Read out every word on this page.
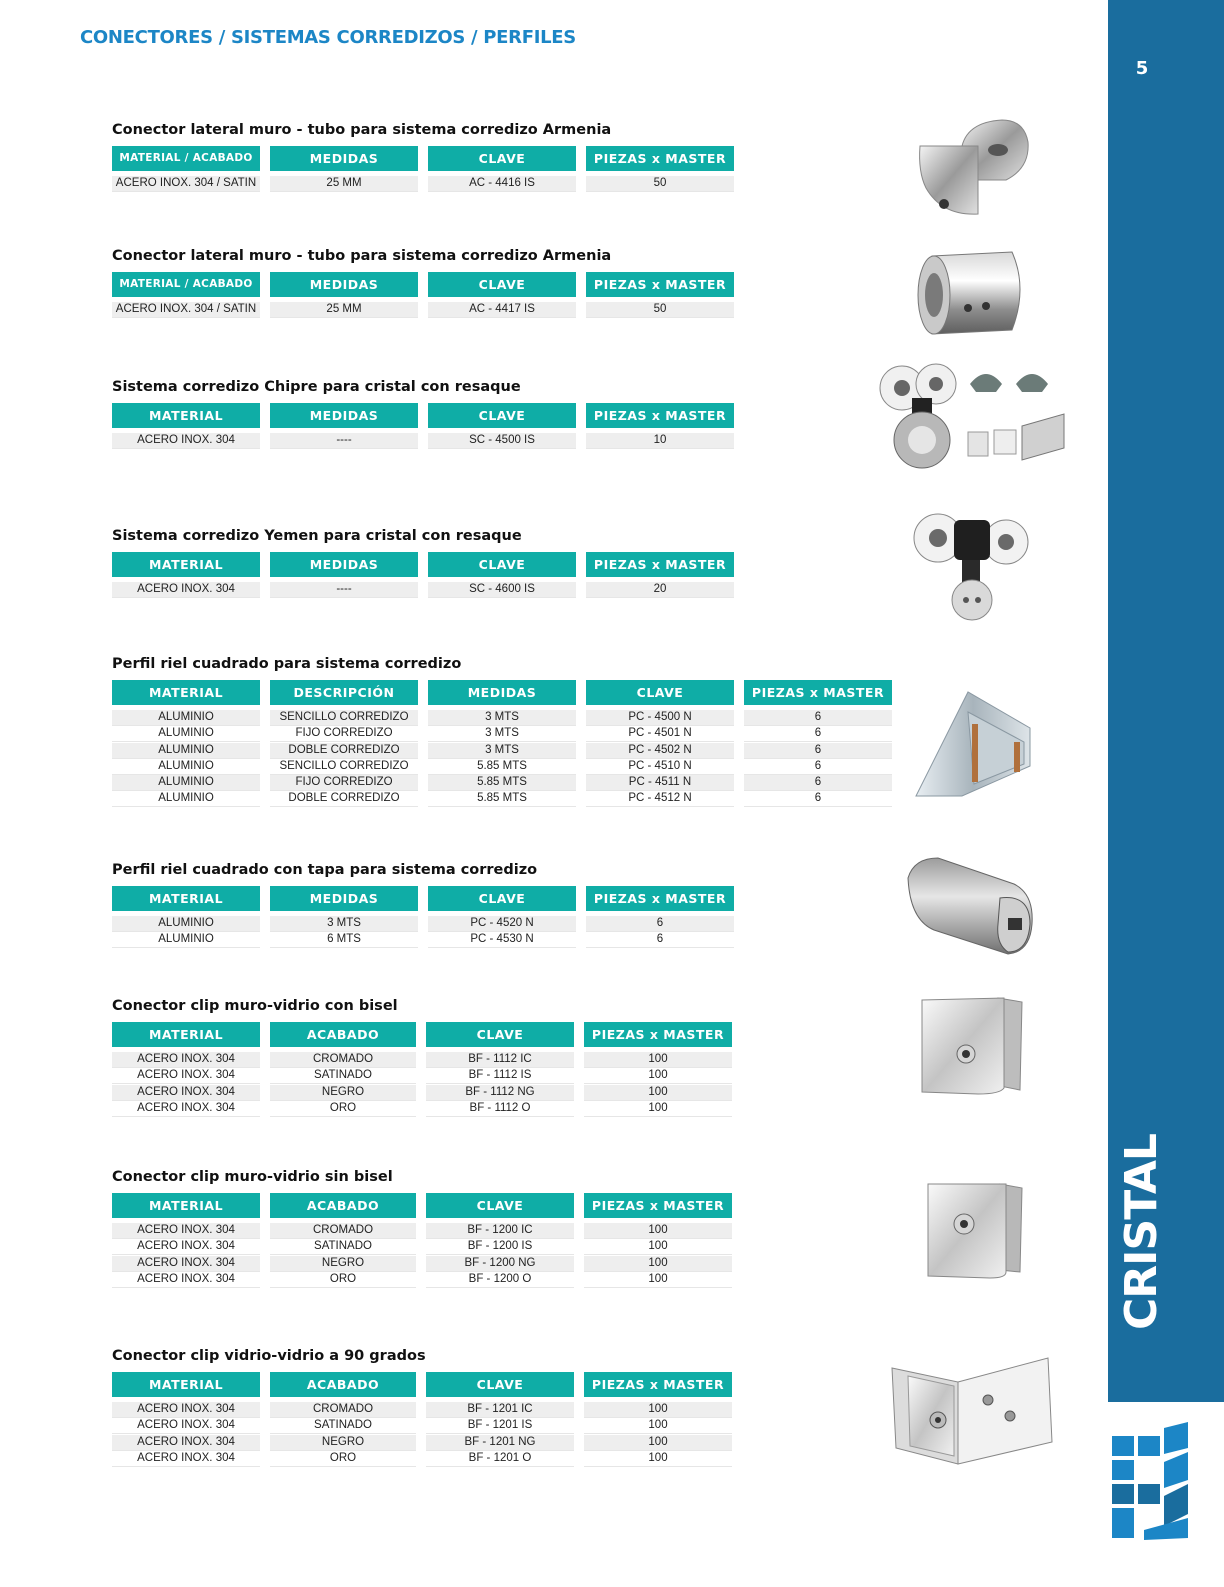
CONECTORES / SISTEMAS CORREDIZOS / PERFILES
5
CRISTAL
Conector lateral muro - tubo para sistema corredizo Armenia
MATERIAL / ACABADO	MEDIDAS	CLAVE	PIEZAS x MASTER
ACERO INOX. 304 / SATIN	25 MM	AC - 4416 IS	50
Conector lateral muro - tubo para sistema corredizo Armenia
MATERIAL / ACABADO	MEDIDAS	CLAVE	PIEZAS x MASTER
ACERO INOX. 304 / SATIN	25 MM	AC - 4417 IS	50
Sistema corredizo Chipre para cristal con resaque
MATERIAL	MEDIDAS	CLAVE	PIEZAS x MASTER
ACERO INOX. 304	----	SC - 4500 IS	10
Sistema corredizo Yemen para cristal con resaque
MATERIAL	MEDIDAS	CLAVE	PIEZAS x MASTER
ACERO INOX. 304	----	SC - 4600 IS	20
Perfil riel cuadrado para sistema corredizo
MATERIAL	DESCRIPCIÓN	MEDIDAS	CLAVE	PIEZAS x MASTER
ALUMINIO	SENCILLO CORREDIZO	3 MTS	PC - 4500 N	6
ALUMINIO	FIJO CORREDIZO	3 MTS	PC - 4501 N	6
ALUMINIO	DOBLE CORREDIZO	3 MTS	PC - 4502 N	6
ALUMINIO	SENCILLO CORREDIZO	5.85 MTS	PC - 4510 N	6
ALUMINIO	FIJO CORREDIZO	5.85 MTS	PC - 4511 N	6
ALUMINIO	DOBLE CORREDIZO	5.85 MTS	PC - 4512 N	6
Perfil riel cuadrado con tapa para sistema corredizo
MATERIAL	MEDIDAS	CLAVE	PIEZAS x MASTER
ALUMINIO	3 MTS	PC - 4520 N	6
ALUMINIO	6 MTS	PC - 4530 N	6
Conector clip muro-vidrio con bisel
MATERIAL	ACABADO	CLAVE	PIEZAS x MASTER
ACERO INOX. 304	CROMADO	BF - 1112 IC	100
ACERO INOX. 304	SATINADO	BF - 1112 IS	100
ACERO INOX. 304	NEGRO	BF - 1112 NG	100
ACERO INOX. 304	ORO	BF - 1112 O	100
Conector clip muro-vidrio sin bisel
MATERIAL	ACABADO	CLAVE	PIEZAS x MASTER
ACERO INOX. 304	CROMADO	BF - 1200 IC	100
ACERO INOX. 304	SATINADO	BF - 1200 IS	100
ACERO INOX. 304	NEGRO	BF - 1200 NG	100
ACERO INOX. 304	ORO	BF - 1200 O	100
Conector clip vidrio-vidrio a 90 grados
MATERIAL	ACABADO	CLAVE	PIEZAS x MASTER
ACERO INOX. 304	CROMADO	BF - 1201 IC	100
ACERO INOX. 304	SATINADO	BF - 1201 IS	100
ACERO INOX. 304	NEGRO	BF - 1201 NG	100
ACERO INOX. 304	ORO	BF - 1201 O	100
